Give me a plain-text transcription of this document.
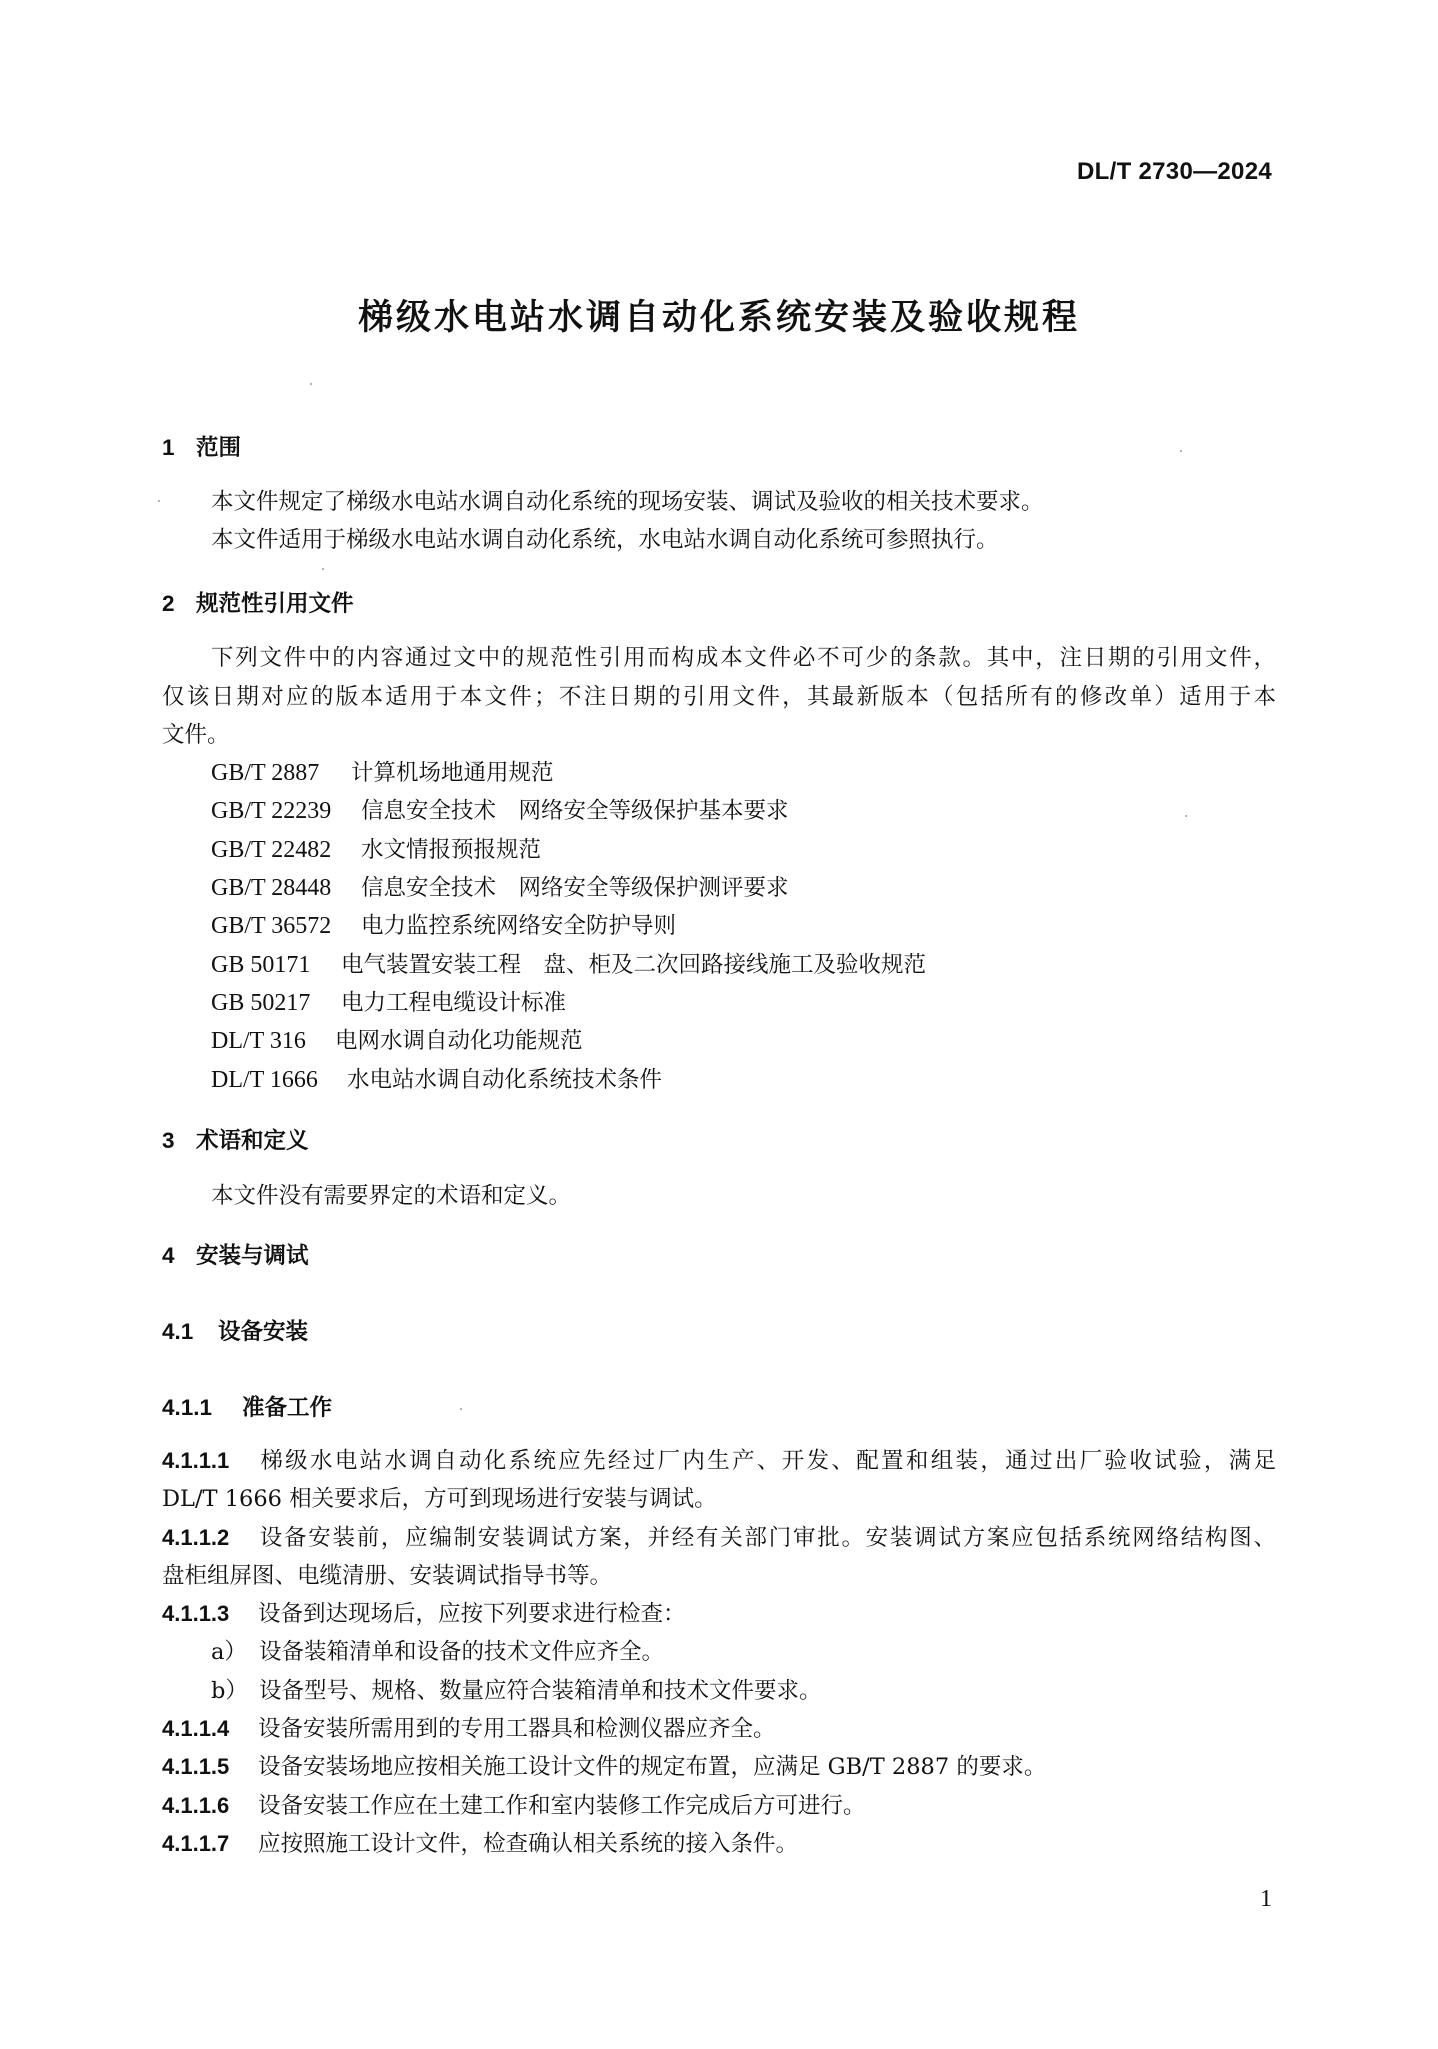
DL/T 2730—2024
梯级水电站水调自动化系统安装及验收规程
1 范围
本文件规定了梯级水电站水调自动化系统的现场安装、调试及验收的相关技术要求。
本文件适用于梯级水电站水调自动化系统，水电站水调自动化系统可参照执行。
2 规范性引用文件
下列文件中的内容通过文中的规范性引用而构成本文件必不可少的条款。其中，注日期的引用文件，
仅该日期对应的版本适用于本文件；不注日期的引用文件，其最新版本（包括所有的修改单）适用于本
文件。
GB/T 2887 计算机场地通用规范
GB/T 22239 信息安全技术　网络安全等级保护基本要求
GB/T 22482 水文情报预报规范
GB/T 28448 信息安全技术　网络安全等级保护测评要求
GB/T 36572 电力监控系统网络安全防护导则
GB 50171 电气装置安装工程　盘、柜及二次回路接线施工及验收规范
GB 50217 电力工程电缆设计标准
DL/T 316 电网水调自动化功能规范
DL/T 1666 水电站水调自动化系统技术条件
3 术语和定义
本文件没有需要界定的术语和定义。
4 安装与调试
4.1 设备安装
4.1.1 准备工作
4.1.1.1 梯级水电站水调自动化系统应先经过厂内生产、开发、配置和组装，通过出厂验收试验，满足
DL/T 1666 相关要求后，方可到现场进行安装与调试。
4.1.1.2 设备安装前，应编制安装调试方案，并经有关部门审批。安装调试方案应包括系统网络结构图、
盘柜组屏图、电缆清册、安装调试指导书等。
4.1.1.3 设备到达现场后，应按下列要求进行检查：
a） 设备装箱清单和设备的技术文件应齐全。
b） 设备型号、规格、数量应符合装箱清单和技术文件要求。
4.1.1.4 设备安装所需用到的专用工器具和检测仪器应齐全。
4.1.1.5 设备安装场地应按相关施工设计文件的规定布置，应满足 GB/T 2887 的要求。
4.1.1.6 设备安装工作应在土建工作和室内装修工作完成后方可进行。
4.1.1.7 应按照施工设计文件，检查确认相关系统的接入条件。
1
